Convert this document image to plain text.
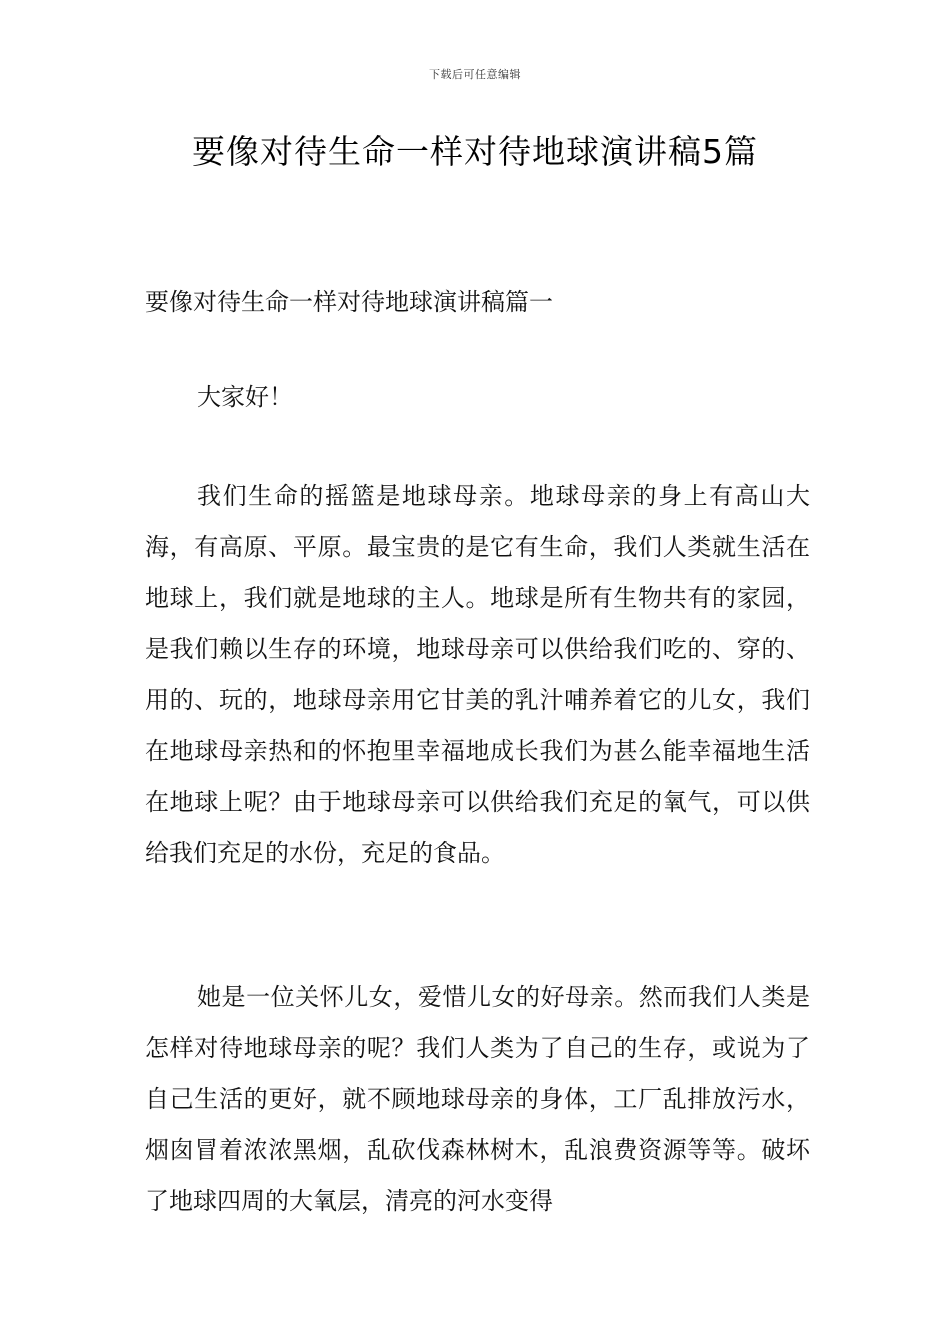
下载后可任意编辑
要像对待生命一样对待地球演讲稿5篇
要像对待生命一样对待地球演讲稿篇一

大家好！

我们生命的摇篮是地球母亲。地球母亲的身上有高山大海，有高原、平原。最宝贵的是它有生命，我们人类就生活在地球上，我们就是地球的主人。地球是所有生物共有的家园，是我们赖以生存的环境，地球母亲可以供给我们吃的、穿的、用的、玩的，地球母亲用它甘美的乳汁哺养着它的儿女，我们在地球母亲热和的怀抱里幸福地成长我们为甚么能幸福地生活在地球上呢？由于地球母亲可以供给我们充足的氧气，可以供给我们充足的水份，充足的食品。

她是一位关怀儿女，爱惜儿女的好母亲。然而我们人类是怎样对待地球母亲的呢？我们人类为了自己的生存，或说为了自己生活的更好，就不顾地球母亲的身体，工厂乱排放污水，烟囱冒着浓浓黑烟，乱砍伐森林树木，乱浪费资源等等。破坏了地球四周的大氧层，清亮的河水变得
